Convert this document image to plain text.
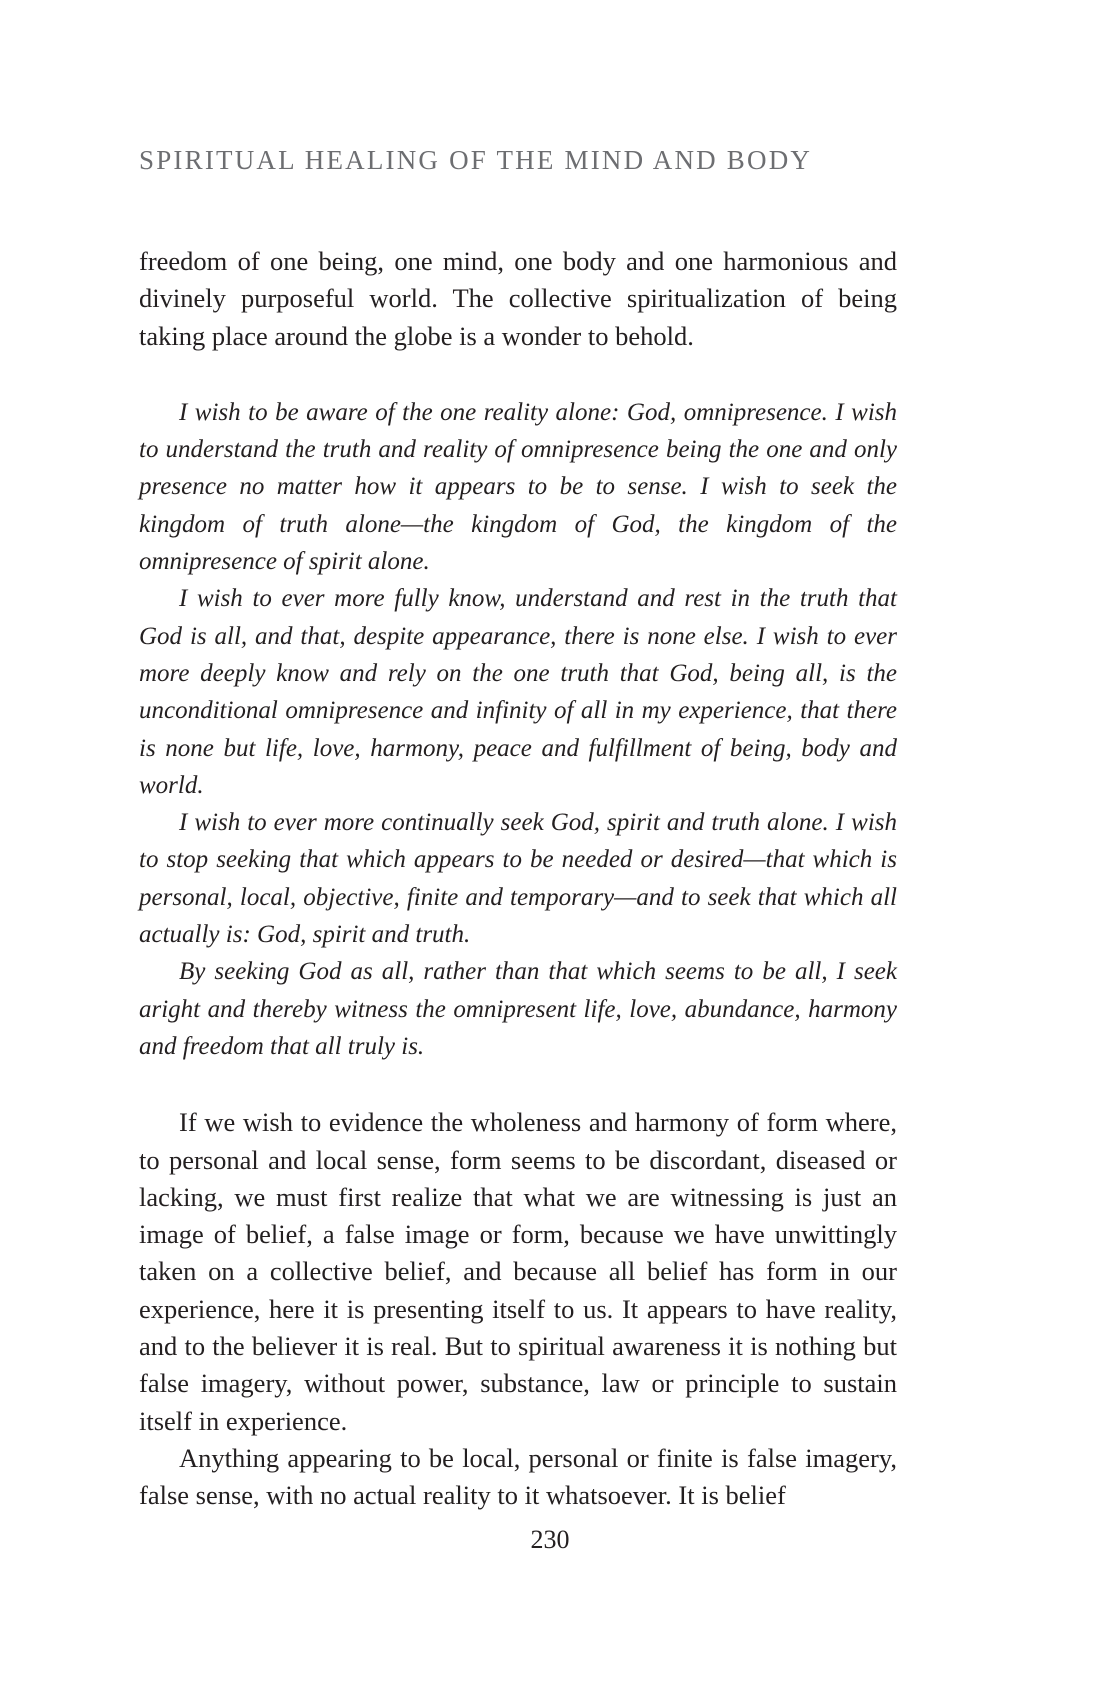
SPIRITUAL HEALING OF THE MIND AND BODY

freedom of one being, one mind, one body and one harmonious and divinely purposeful world. The collective spiritualization of being taking place around the globe is a wonder to behold.

I wish to be aware of the one reality alone: God, omnipresence. I wish to understand the truth and reality of omnipresence being the one and only presence no matter how it appears to be to sense. I wish to seek the kingdom of truth alone—the kingdom of God, the kingdom of the omnipresence of spirit alone.

I wish to ever more fully know, understand and rest in the truth that God is all, and that, despite appearance, there is none else. I wish to ever more deeply know and rely on the one truth that God, being all, is the unconditional omnipresence and infinity of all in my experience, that there is none but life, love, harmony, peace and fulfillment of being, body and world.

I wish to ever more continually seek God, spirit and truth alone. I wish to stop seeking that which appears to be needed or desired—that which is personal, local, objective, finite and temporary—and to seek that which all actually is: God, spirit and truth.

By seeking God as all, rather than that which seems to be all, I seek aright and thereby witness the omnipresent life, love, abundance, harmony and freedom that all truly is.

If we wish to evidence the wholeness and harmony of form where, to personal and local sense, form seems to be discordant, diseased or lacking, we must first realize that what we are witnessing is just an image of belief, a false image or form, because we have unwittingly taken on a collective belief, and because all belief has form in our experience, here it is presenting itself to us. It appears to have reality, and to the believer it is real. But to spiritual awareness it is nothing but false imagery, without power, substance, law or principle to sustain itself in experience.

Anything appearing to be local, personal or finite is false imagery, false sense, with no actual reality to it whatsoever. It is belief

230
